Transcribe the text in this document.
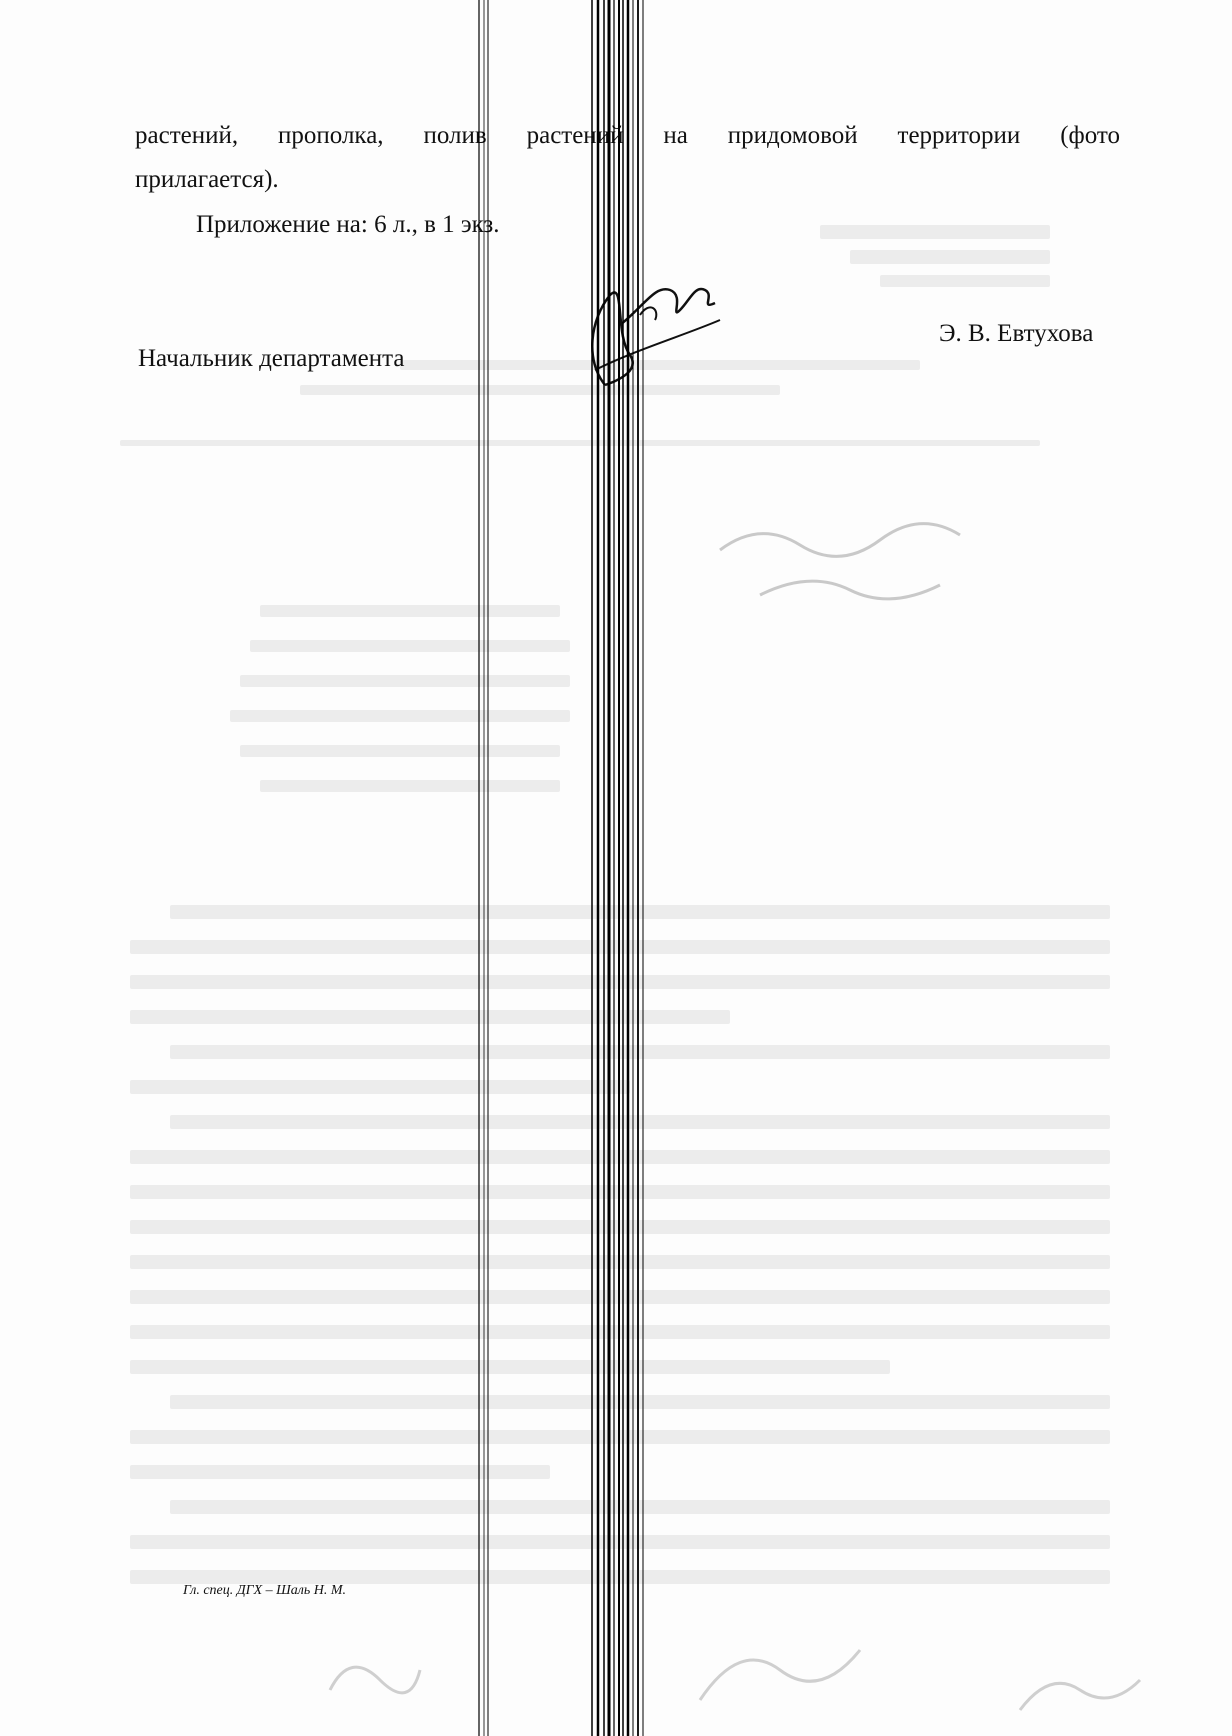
растений, прополка, полив растений на придомовой территории (фото
прилагается).
Приложение на: 6 л., в 1 экз.
Начальник департамента
Э. В. Евтухова
Гл. спец. ДГХ – Шаль Н. М.
